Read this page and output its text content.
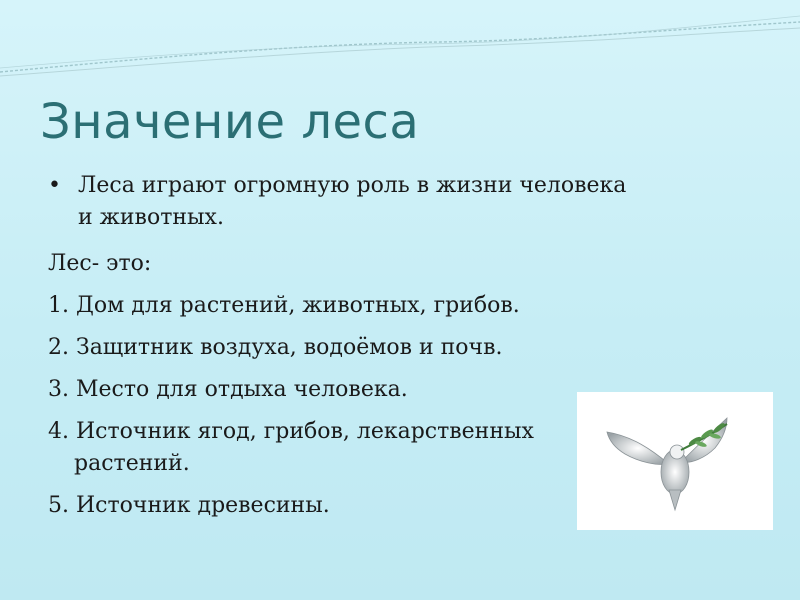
Значение леса
• Леса играют огромную роль в жизни человека
и животных.
Лес- это:
1. Дом для растений, животных, грибов.
2. Защитник воздуха, водоёмов и почв.
3. Место для отдыха человека.
4. Источник ягод, грибов, лекарственных
растений.
5. Источник древесины.
